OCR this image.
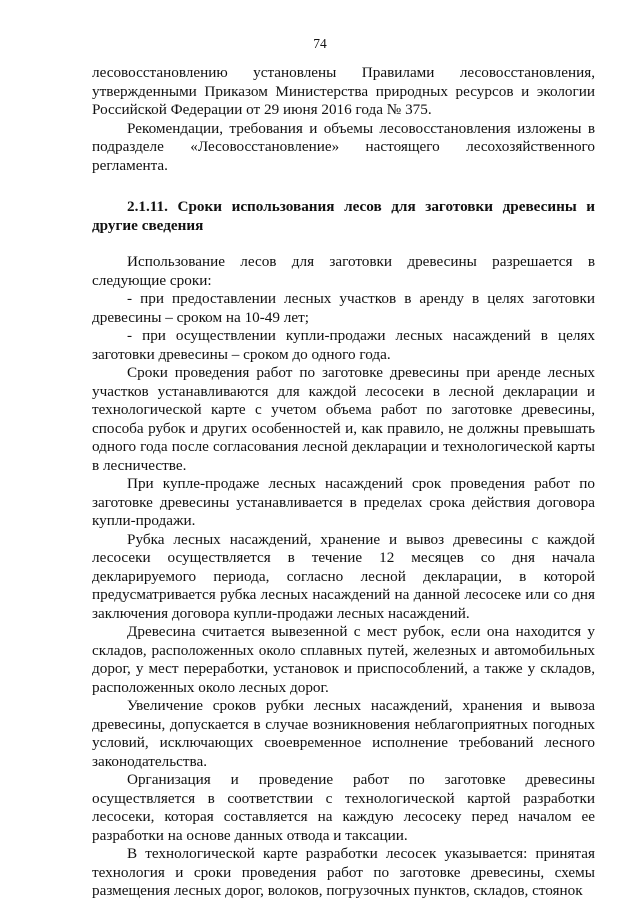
74

лесовосстановлению установлены Правилами лесовосстановления, утвержденными Приказом Министерства природных ресурсов и экологии Российской Федерации от 29 июня 2016 года № 375.

Рекомендации, требования и объемы лесовосстановления изложены в подразделе «Лесовосстановление» настоящего лесохозяйственного регламента.

2.1.11. Сроки использования лесов для заготовки древесины и другие сведения

Использование лесов для заготовки древесины разрешается в следующие сроки:

- при предоставлении лесных участков в аренду в целях заготовки древесины – сроком на 10-49 лет;

- при осуществлении купли-продажи лесных насаждений в целях заготовки древесины – сроком до одного года.

Сроки проведения работ по заготовке древесины при аренде лесных участков устанавливаются для каждой лесосеки в лесной декларации и технологической карте с учетом объема работ по заготовке древесины, способа рубок и других особенностей и, как правило, не должны превышать одного года после согласования лесной декларации и технологической карты в лесничестве.

При купле-продаже лесных насаждений срок проведения работ по заготовке древесины устанавливается в пределах срока действия договора купли-продажи.

Рубка лесных насаждений, хранение и вывоз древесины с каждой лесосеки осуществляется в течение 12 месяцев со дня начала декларируемого периода, согласно лесной декларации, в которой предусматривается рубка лесных насаждений на данной лесосеке или со дня заключения договора купли-продажи лесных насаждений.

Древесина считается вывезенной с мест рубок, если она находится у складов, расположенных около сплавных путей, железных и автомобильных дорог, у мест переработки, установок и приспособлений, а также у складов, расположенных около лесных дорог.

Увеличение сроков рубки лесных насаждений, хранения и вывоза древесины, допускается в случае возникновения неблагоприятных погодных условий, исключающих своевременное исполнение требований лесного законодательства.

Организация и проведение работ по заготовке древесины осуществляется в соответствии с технологической картой разработки лесосеки, которая составляется на каждую лесосеку перед началом ее разработки на основе данных отвода и таксации.

В технологической карте разработки лесосек указывается: принятая технология и сроки проведения работ по заготовке древесины, схемы размещения лесных дорог, волоков, погрузочных пунктов, складов, стоянок
